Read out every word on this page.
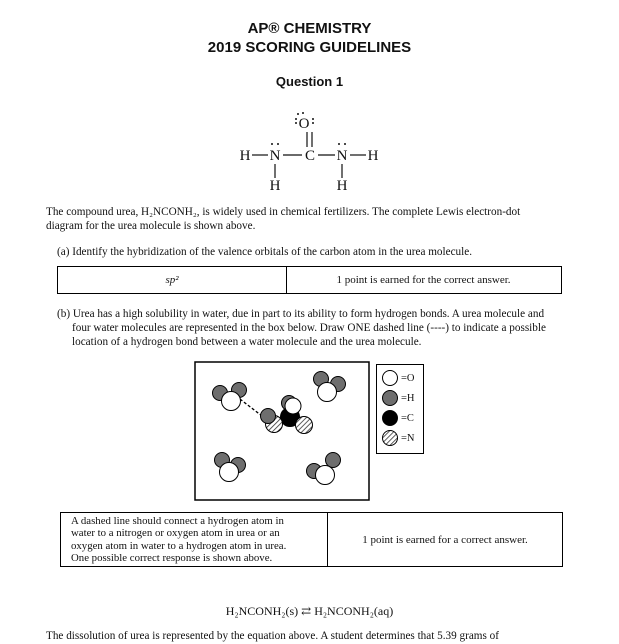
AP® CHEMISTRY
2019 SCORING GUIDELINES
Question 1
O
H N C N H
H	H
The compound urea, H₂NCONH₂, is widely used in chemical fertilizers. The complete Lewis electron-dot
diagram for the urea molecule is shown above.
(a) Identify the hybridization of the valence orbitals of the carbon atom in the urea molecule.
sp²	1 point is earned for the correct answer.
(b) Urea has a high solubility in water, due in part to its ability to form hydrogen bonds. A urea molecule and
four water molecules are represented in the box below. Draw ONE dashed line (----) to indicate a possible
location of a hydrogen bond between a water molecule and the urea molecule.
=O
=H
=C
=N
A dashed line should connect a hydrogen atom in
water to a nitrogen or oxygen atom in urea or an
oxygen atom in water to a hydrogen atom in urea.
One possible correct response is shown above.
1 point is earned for a correct answer.
H₂NCONH₂(s) ⇄ H₂NCONH₂(aq)
The dissolution of urea is represented by the equation above. A student determines that 5.39 grams of
